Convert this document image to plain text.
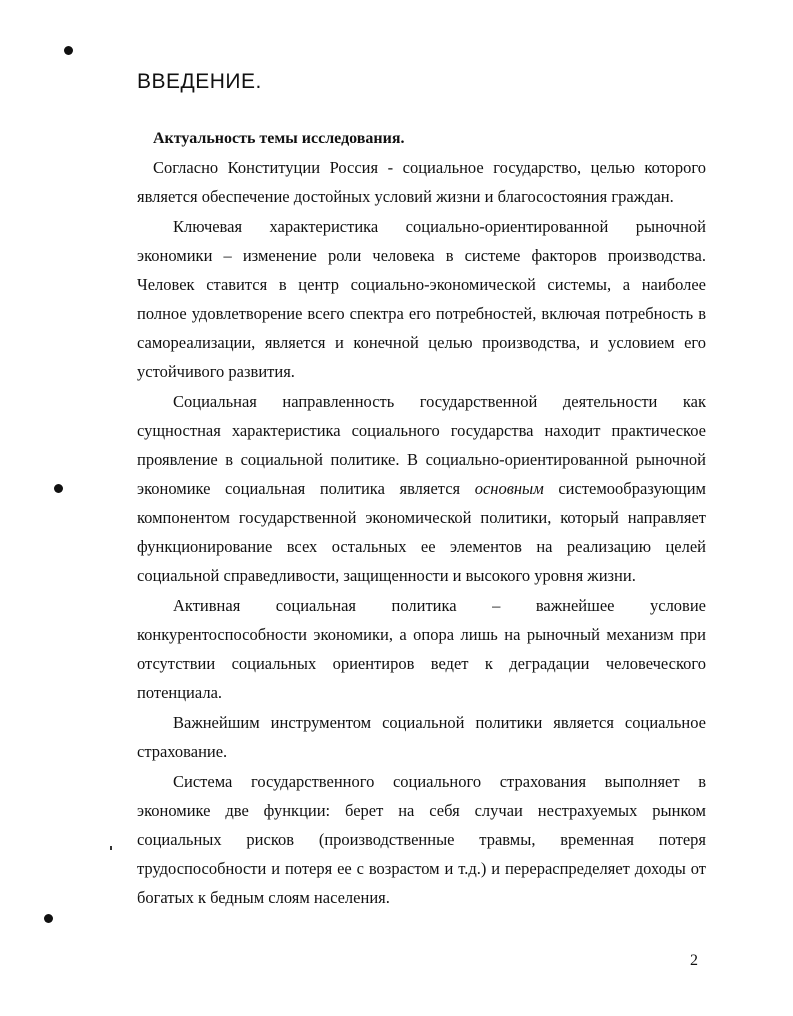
ВВЕДЕНИЕ.

Актуальность темы исследования.

Согласно Конституции Россия - социальное государство, целью которого является обеспечение достойных условий жизни и благосостояния граждан.

Ключевая характеристика социально-ориентированной рыночной экономики – изменение роли человека в системе факторов производства. Человек ставится в центр социально-экономической системы, а наиболее полное удовлетворение всего спектра его потребностей, включая потребность в самореализации, является и конечной целью производства, и условием его устойчивого развития.

Социальная направленность государственной деятельности как сущностная характеристика социального государства находит практическое проявление в социальной политике. В социально-ориентированной рыночной экономике социальная политика является основным системообразующим компонентом государственной экономической политики, который направляет функционирование всех остальных ее элементов на реализацию целей социальной справедливости, защищенности и высокого уровня жизни.

Активная социальная политика – важнейшее условие конкурентоспособности экономики, а опора лишь на рыночный механизм при отсутствии социальных ориентиров ведет к деградации человеческого потенциала.

Важнейшим инструментом социальной политики является социальное страхование.

Система государственного социального страхования выполняет в экономике две функции: берет на себя случаи нестрахуемых рынком социальных рисков (производственные травмы, временная потеря трудоспособности и потеря ее с возрастом и т.д.) и перераспределяет доходы от богатых к бедным слоям населения.

2
